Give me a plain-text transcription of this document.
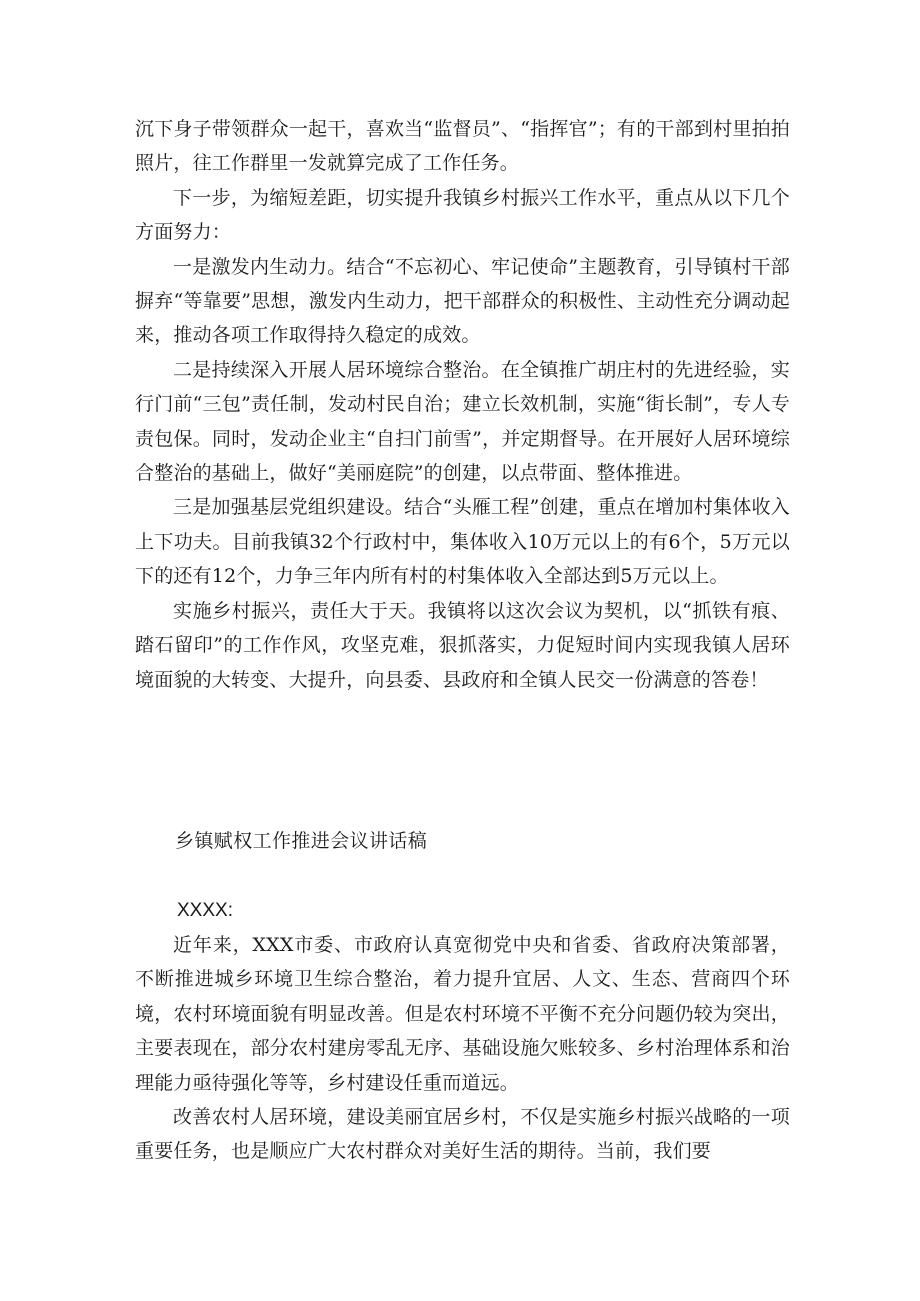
沉下身子带领群众一起干，喜欢当“监督员”、“指挥官”；有的干部到村里拍拍照片，往工作群里一发就算完成了工作任务。

下一步，为缩短差距，切实提升我镇乡村振兴工作水平，重点从以下几个方面努力：

一是激发内生动力。结合“不忘初心、牢记使命”主题教育，引导镇村干部摒弃“等靠要”思想，激发内生动力，把干部群众的积极性、主动性充分调动起来，推动各项工作取得持久稳定的成效。

二是持续深入开展人居环境综合整治。在全镇推广胡庄村的先进经验，实行门前“三包”责任制，发动村民自治；建立长效机制，实施“街长制”，专人专责包保。同时，发动企业主“自扫门前雪”，并定期督导。在开展好人居环境综合整治的基础上，做好“美丽庭院”的创建，以点带面、整体推进。

三是加强基层党组织建设。结合“头雁工程”创建，重点在增加村集体收入上下功夫。目前我镇32个行政村中，集体收入10万元以上的有6个，5万元以下的还有12个，力争三年内所有村的村集体收入全部达到5万元以上。

实施乡村振兴，责任大于天。我镇将以这次会议为契机，以“抓铁有痕、踏石留印”的工作作风，攻坚克难，狠抓落实，力促短时间内实现我镇人居环境面貌的大转变、大提升，向县委、县政府和全镇人民交一份满意的答卷！

乡镇赋权工作推进会议讲话稿

XXXX:

近年来，XXX市委、市政府认真宽彻党中央和省委、省政府决策部署，不断推进城乡环境卫生综合整治，着力提升宜居、人文、生态、营商四个环境，农村环境面貌有明显改善。但是农村环境不平衡不充分问题仍较为突出，主要表现在，部分农村建房零乱无序、基础设施欠账较多、乡村治理体系和治理能力亟待强化等等，乡村建设任重而道远。

改善农村人居环境，建设美丽宜居乡村，不仅是实施乡村振兴战略的一项重要任务，也是顺应广大农村群众对美好生活的期待。当前，我们要
